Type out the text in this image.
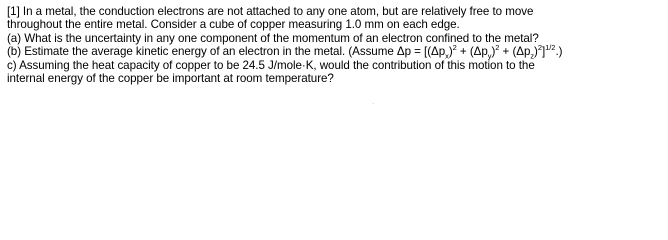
[1] In a metal, the conduction electrons are not attached to any one atom, but are relatively free to move
throughout the entire metal. Consider a cube of copper measuring 1.0 mm on each edge.
(a) What is the uncertainty in any one component of the momentum of an electron confined to the metal?
(b) Estimate the average kinetic energy of an electron in the metal. (Assume $\Delta p = [(\Delta p_x)^2 + (\Delta p_y)^2 + (\Delta p_z)^2]^{1/2}$.)
c) Assuming the heat capacity of copper to be 24.5 J/mole·K, would the contribution of this motion to the
internal energy of the copper be important at room temperature?
-
